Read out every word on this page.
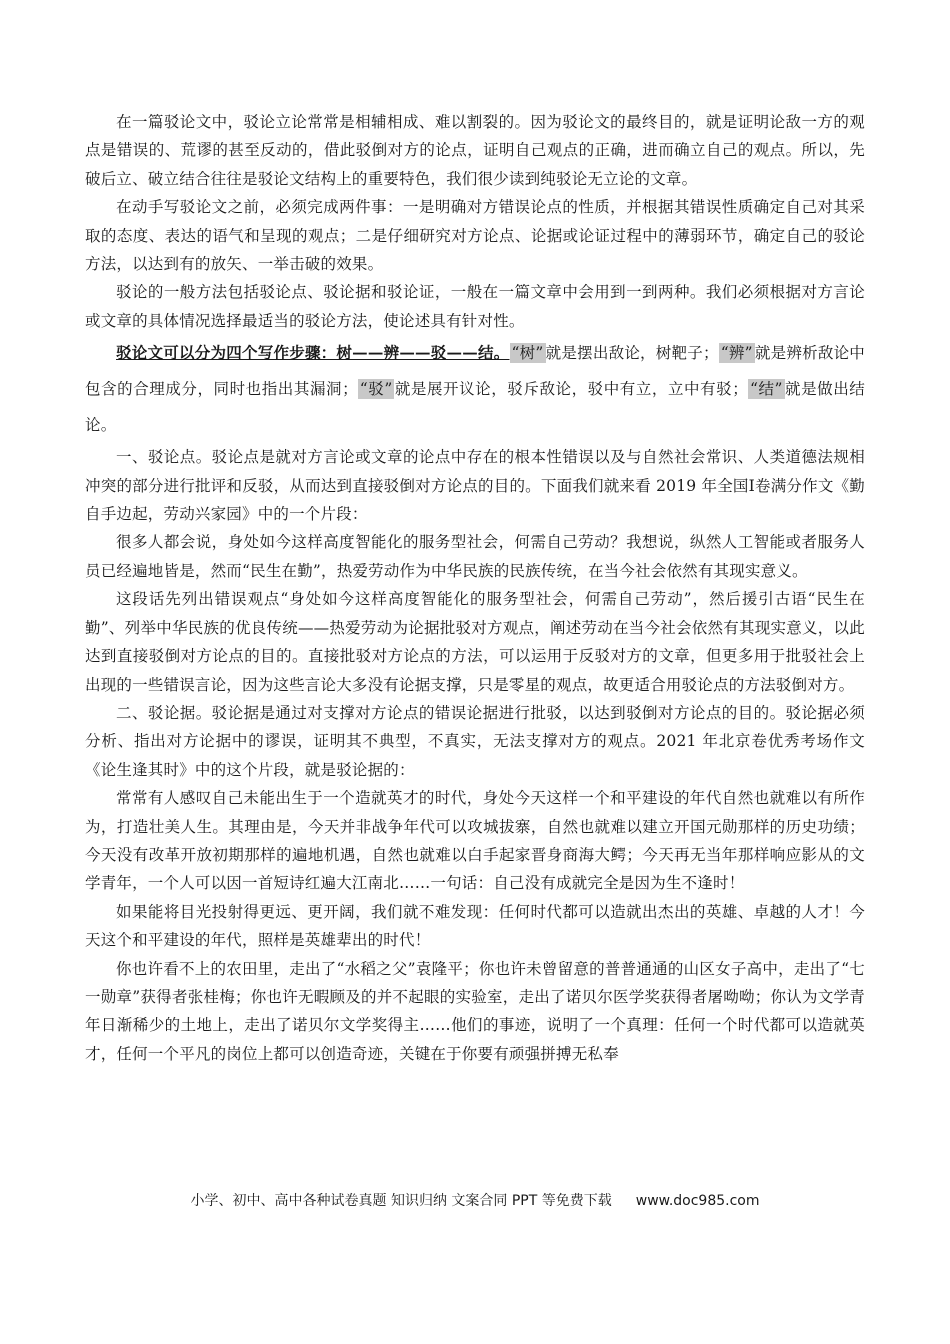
在一篇驳论文中，驳论立论常常是相辅相成、难以割裂的。因为驳论文的最终目的，就是证明论敌一方的观点是错误的、荒谬的甚至反动的，借此驳倒对方的论点，证明自己观点的正确，进而确立自己的观点。所以，先破后立、破立结合往往是驳论文结构上的重要特色，我们很少读到纯驳论无立论的文章。

在动手写驳论文之前，必须完成两件事：一是明确对方错误论点的性质，并根据其错误性质确定自己对其采取的态度、表达的语气和呈现的观点；二是仔细研究对方论点、论据或论证过程中的薄弱环节，确定自己的驳论方法，以达到有的放矢、一举击破的效果。

驳论的一般方法包括驳论点、驳论据和驳论证，一般在一篇文章中会用到一到两种。我们必须根据对方言论或文章的具体情况选择最适当的驳论方法，使论述具有针对性。

驳论文可以分为四个写作步骤：树——辨——驳——结。 “树” 就是摆出敌论，树靶子； “辨” 就是辨析敌论中包含的合理成分，同时也指出其漏洞； “驳” 就是展开议论，驳斥敌论，驳中有立，立中有驳； “结” 就是做出结论。

一、驳论点。驳论点是就对方言论或文章的论点中存在的根本性错误以及与自然社会常识、人类道德法规相冲突的部分进行批评和反驳，从而达到直接驳倒对方论点的目的。下面我们就来看 2019 年全国Ⅰ卷满分作文《勤自手边起，劳动兴家园》中的一个片段：

很多人都会说，身处如今这样高度智能化的服务型社会，何需自己劳动？我想说，纵然人工智能或者服务人员已经遍地皆是，然而“民生在勤”，热爱劳动作为中华民族的民族传统，在当今社会依然有其现实意义。

这段话先列出错误观点“身处如今这样高度智能化的服务型社会，何需自己劳动”，然后援引古语“民生在勤”、列举中华民族的优良传统——热爱劳动为论据批驳对方观点，阐述劳动在当今社会依然有其现实意义，以此达到直接驳倒对方论点的目的。直接批驳对方论点的方法，可以运用于反驳对方的文章，但更多用于批驳社会上出现的一些错误言论，因为这些言论大多没有论据支撑，只是零星的观点，故更适合用驳论点的方法驳倒对方。

二、驳论据。驳论据是通过对支撑对方论点的错误论据进行批驳，以达到驳倒对方论点的目的。驳论据必须分析、指出对方论据中的谬误，证明其不典型，不真实，无法支撑对方的观点。2021 年北京卷优秀考场作文《论生逢其时》中的这个片段，就是驳论据的：

常常有人感叹自己未能出生于一个造就英才的时代，身处今天这样一个和平建设的年代自然也就难以有所作为，打造壮美人生。其理由是，今天并非战争年代可以攻城拔寨，自然也就难以建立开国元勋那样的历史功绩；今天没有改革开放初期那样的遍地机遇，自然也就难以白手起家晋身商海大鳄；今天再无当年那样响应影从的文学青年，一个人可以因一首短诗红遍大江南北……一句话：自己没有成就完全是因为生不逢时！

如果能将目光投射得更远、更开阔，我们就不难发现：任何时代都可以造就出杰出的英雄、卓越的人才！今天这个和平建设的年代，照样是英雄辈出的时代！

你也许看不上的农田里，走出了“水稻之父”袁隆平；你也许未曾留意的普普通通的山区女子高中，走出了“七一勋章”获得者张桂梅；你也许无暇顾及的并不起眼的实验室，走出了诺贝尔医学奖获得者屠呦呦；你认为文学青年日渐稀少的土地上，走出了诺贝尔文学奖得主……他们的事迹，说明了一个真理：任何一个时代都可以造就英才，任何一个平凡的岗位上都可以创造奇迹，关键在于你要有顽强拼搏无私奉

小学、初中、高中各种试卷真题 知识归纳 文案合同 PPT 等免费下载 www.doc985.com
